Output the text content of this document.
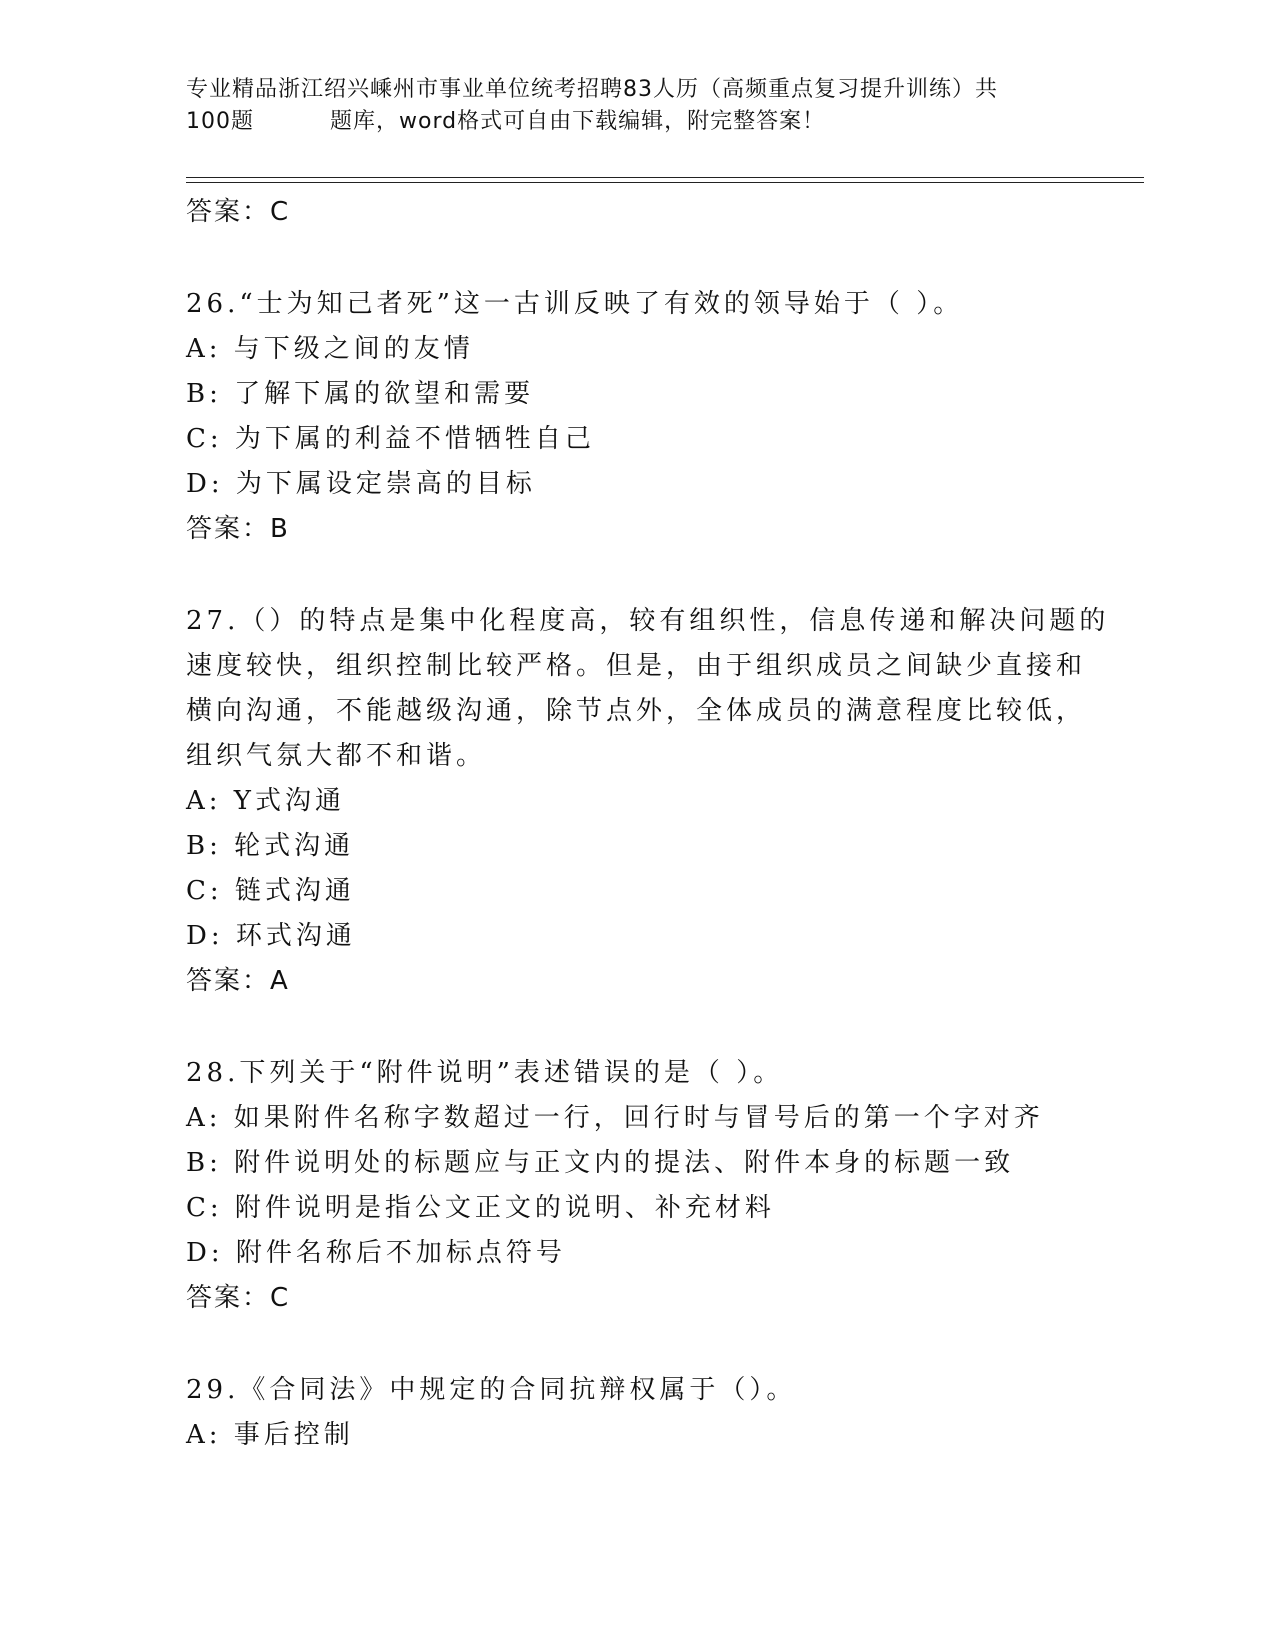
专业精品浙江绍兴嵊州市事业单位统考招聘83人历（高频重点复习提升训练）共
100题	题库，word格式可自由下载编辑，附完整答案！
答案：C
26.“士为知己者死”这一古训反映了有效的领导始于（ ）。
A: 与下级之间的友情
B: 了解下属的欲望和需要
C: 为下属的利益不惜牺牲自己
D: 为下属设定崇高的目标
答案：B
27.（）的特点是集中化程度高，较有组织性，信息传递和解决问题的
速度较快，组织控制比较严格。但是，由于组织成员之间缺少直接和
横向沟通，不能越级沟通，除节点外，全体成员的满意程度比较低，
组织气氛大都不和谐。
A: Y式沟通
B: 轮式沟通
C: 链式沟通
D: 环式沟通
答案：A
28.下列关于“附件说明”表述错误的是（ ）。
A: 如果附件名称字数超过一行，回行时与冒号后的第一个字对齐
B: 附件说明处的标题应与正文内的提法、附件本身的标题一致
C: 附件说明是指公文正文的说明、补充材料
D: 附件名称后不加标点符号
答案：C
29.《合同法》中规定的合同抗辩权属于（）。
A: 事后控制
